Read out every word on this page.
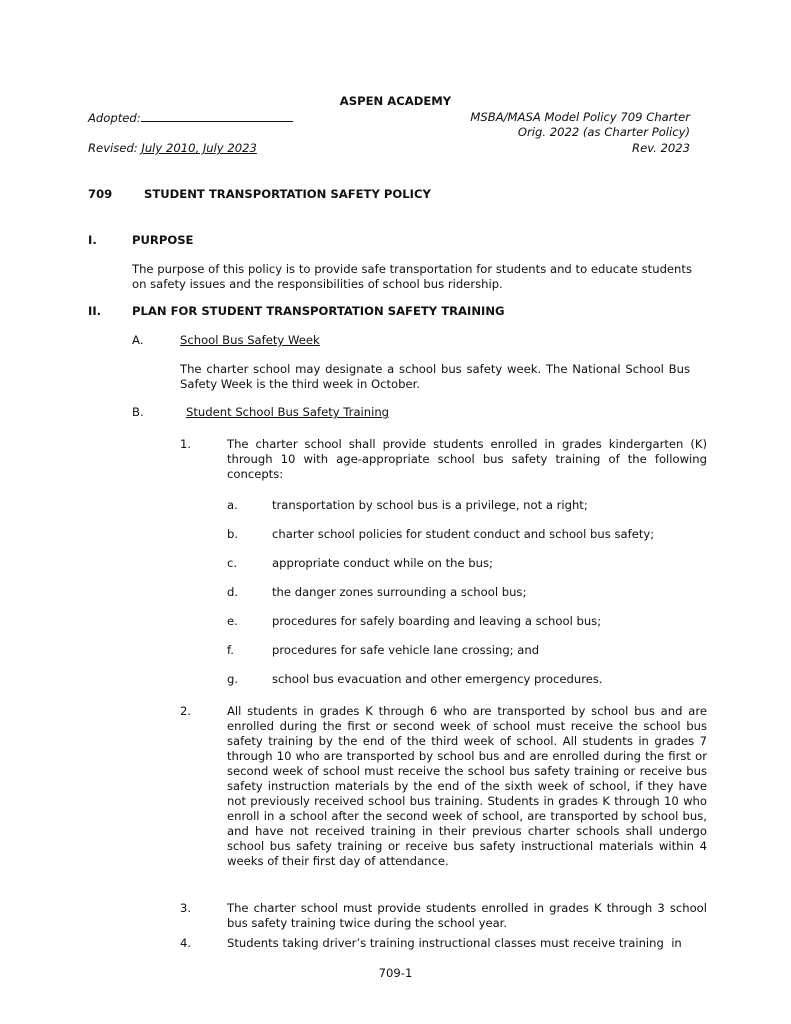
ASPEN ACADEMY
Adopted:	MSBA/MASA Model Policy 709 Charter
Orig. 2022 (as Charter Policy)
Revised: July 2010, July 2023	Rev. 2023
709	STUDENT TRANSPORTATION SAFETY POLICY
I.	PURPOSE
The purpose of this policy is to provide safe transportation for students and to educate students on safety issues and the responsibilities of school bus ridership.
II.	PLAN FOR STUDENT TRANSPORTATION SAFETY TRAINING
A.	School Bus Safety Week
The charter school may designate a school bus safety week. The National School Bus Safety Week is the third week in October.
B.	Student School Bus Safety Training
1.	The charter school shall provide students enrolled in grades kindergarten (K) through 10 with age-appropriate school bus safety training of the following concepts:
a.	transportation by school bus is a privilege, not a right;
b.	charter school policies for student conduct and school bus safety;
c.	appropriate conduct while on the bus;
d.	the danger zones surrounding a school bus;
e.	procedures for safely boarding and leaving a school bus;
f.	procedures for safe vehicle lane crossing; and
g.	school bus evacuation and other emergency procedures.
2.	All students in grades K through 6 who are transported by school bus and are enrolled during the first or second week of school must receive the school bus safety training by the end of the third week of school. All students in grades 7 through 10 who are transported by school bus and are enrolled during the first or second week of school must receive the school bus safety training or receive bus safety instruction materials by the end of the sixth week of school, if they have not previously received school bus training. Students in grades K through 10 who enroll in a school after the second week of school, are transported by school bus, and have not received training in their previous charter schools shall undergo school bus safety training or receive bus safety instructional materials within 4 weeks of their first day of attendance.
3.	The charter school must provide students enrolled in grades K through 3 school bus safety training twice during the school year.
4.	Students taking driver’s training instructional classes must receive training  in
709-1
